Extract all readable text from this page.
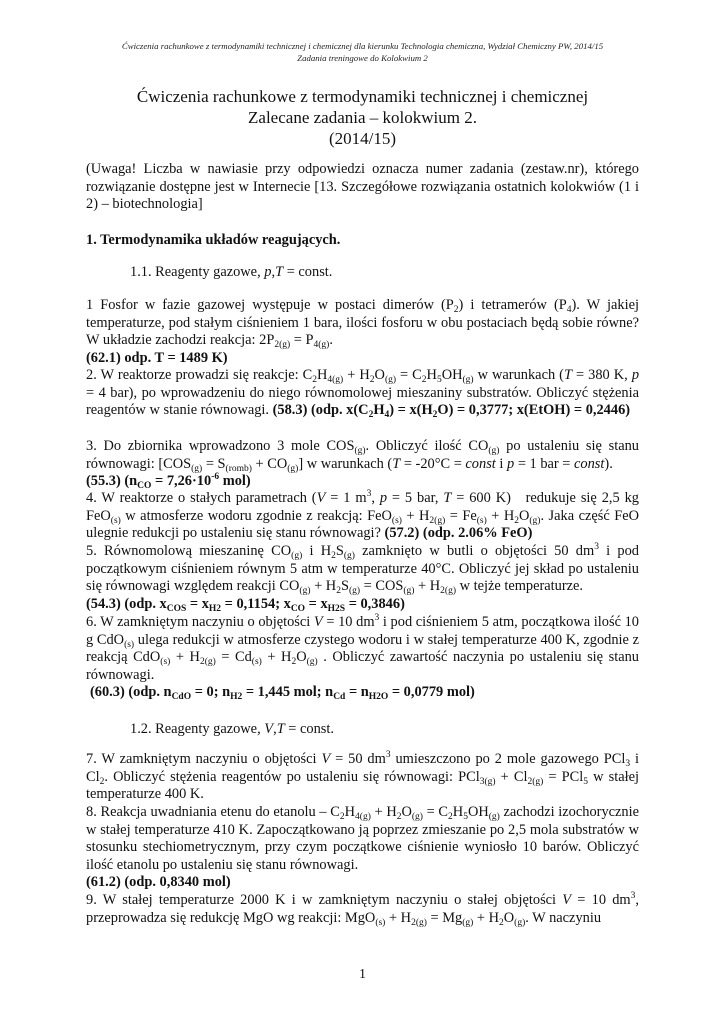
Ćwiczenia rachunkowe z termodynamiki technicznej i chemicznej dla kierunku Technologia chemiczna, Wydział Chemiczny PW, 2014/15
Zadania treningowe do Kolokwium 2
Ćwiczenia rachunkowe z termodynamiki technicznej i chemicznej
Zalecane zadania – kolokwium 2.
(2014/15)
(Uwaga! Liczba w nawiasie przy odpowiedzi oznacza numer zadania (zestaw.nr), którego rozwiązanie dostępne jest w Internecie [13. Szczegółowe rozwiązania ostatnich kolokwiów (1 i 2) – biotechnologia]
1. Termodynamika układów reagujących.
1.1. Reagenty gazowe, p,T = const.
1 Fosfor w fazie gazowej występuje w postaci dimerów $(P_2)$ i tetramerów $(P_4)$. W jakiej temperaturze, pod stałym ciśnieniem 1 bara, ilości fosforu w obu postaciach będą sobie równe? W układzie zachodzi reakcja: $2P_{2(g)} = P_{4(g)}$.
(62.1) odp. T = 1489 K)
2. W reaktorze prowadzi się reakcje: $C_2H_{4(g)} + H_2O_{(g)} = C_2H_5OH_{(g)}$ w warunkach (T = 380 K, p = 4 bar), po wprowadzeniu do niego równomolowej mieszaniny substratów. Obliczyć stężenia reagentów w stanie równowagi. (58.3) (odp. $x(C_2H_4) = x(H_2O) = 0,3777$; x(EtOH) = 0,2446)
3. Do zbiornika wprowadzono 3 mole $COS_{(g)}$. Obliczyć ilość $CO_{(g)}$ po ustaleniu się stanu równowagi: $[COS_{(g)} = S_{(romb)} + CO_{(g)}]$ w warunkach (T = -20°C = const i p = 1 bar = const).
(55.3) ($n_{CO} = 7,26\cdot 10^{-6}$ mol)
4. W reaktorze o stałych parametrach (V = 1 $m^3$, p = 5 bar, T = 600 K)   redukuje się 2,5 kg FeO$_{(s)}$ w atmosferze wodoru zgodnie z reakcją: $FeO_{(s)} + H_{2(g)} = Fe_{(s)} + H_2O_{(g)}$. Jaka część FeO ulegnie redukcji po ustaleniu się stanu równowagi? (57.2) (odp. 2.06% FeO)
5. Równomolową mieszaninę $CO_{(g)}$ i $H_2S_{(g)}$ zamknięto w butli o objętości 50 $dm^3$ i pod początkowym ciśnieniem równym 5 atm w temperaturze 40°C. Obliczyć jej skład po ustaleniu się równowagi względem reakcji $CO_{(g)} + H_2S_{(g)} = COS_{(g)} + H_{2(g)}$ w tejże temperaturze.
(54.3) (odp. $x_{COS} = x_{H2} = 0,1154$; $x_{CO} = x_{H2S} = 0,3846$)
6. W zamkniętym naczyniu o objętości V = 10 $dm^3$ i pod ciśnieniem 5 atm, początkowa ilość 10 g CdO$_{(s)}$ ulega redukcji w atmosferze czystego wodoru i w stałej temperaturze 400 K, zgodnie z reakcją $CdO_{(s)} + H_{2(g)} = Cd_{(s)} + H_2O_{(g)}$ . Obliczyć zawartość naczynia po ustaleniu się stanu równowagi.
(60.3) (odp. $n_{CdO} = 0$; $n_{H2} = 1,445$ mol; $n_{Cd} = n_{H2O} = 0,0779$ mol)
1.2. Reagenty gazowe, V,T = const.
7. W zamkniętym naczyniu o objętości V = 50 $dm^3$ umieszczono po 2 mole gazowego PCl$_3$ i $Cl_2$. Obliczyć stężenia reagentów po ustaleniu się równowagi: $PCl_{3(g)} + Cl_{2(g)} = PCl_5$ w stałej temperaturze 400 K.
8. Reakcja uwadniania etenu do etanolu – $C_2H_{4(g)} + H_2O_{(g)} = C_2H_5OH_{(g)}$ zachodzi izochorycznie w stałej temperaturze 410 K. Zapoczątkowano ją poprzez zmieszanie po 2,5 mola substratów w stosunku stechiometrycznym, przy czym początkowe ciśnienie wyniosło 10 barów. Obliczyć ilość etanolu po ustaleniu się stanu równowagi.
(61.2) (odp. 0,8340 mol)
9. W stałej temperaturze 2000 K i w zamkniętym naczyniu o stałej objętości V = 10 $dm^3$, przeprowadza się redukcję MgO wg reakcji: $MgO_{(s)} + H_{2(g)} = Mg_{(g)} + H_2O_{(g)}$. W naczyniu
1
